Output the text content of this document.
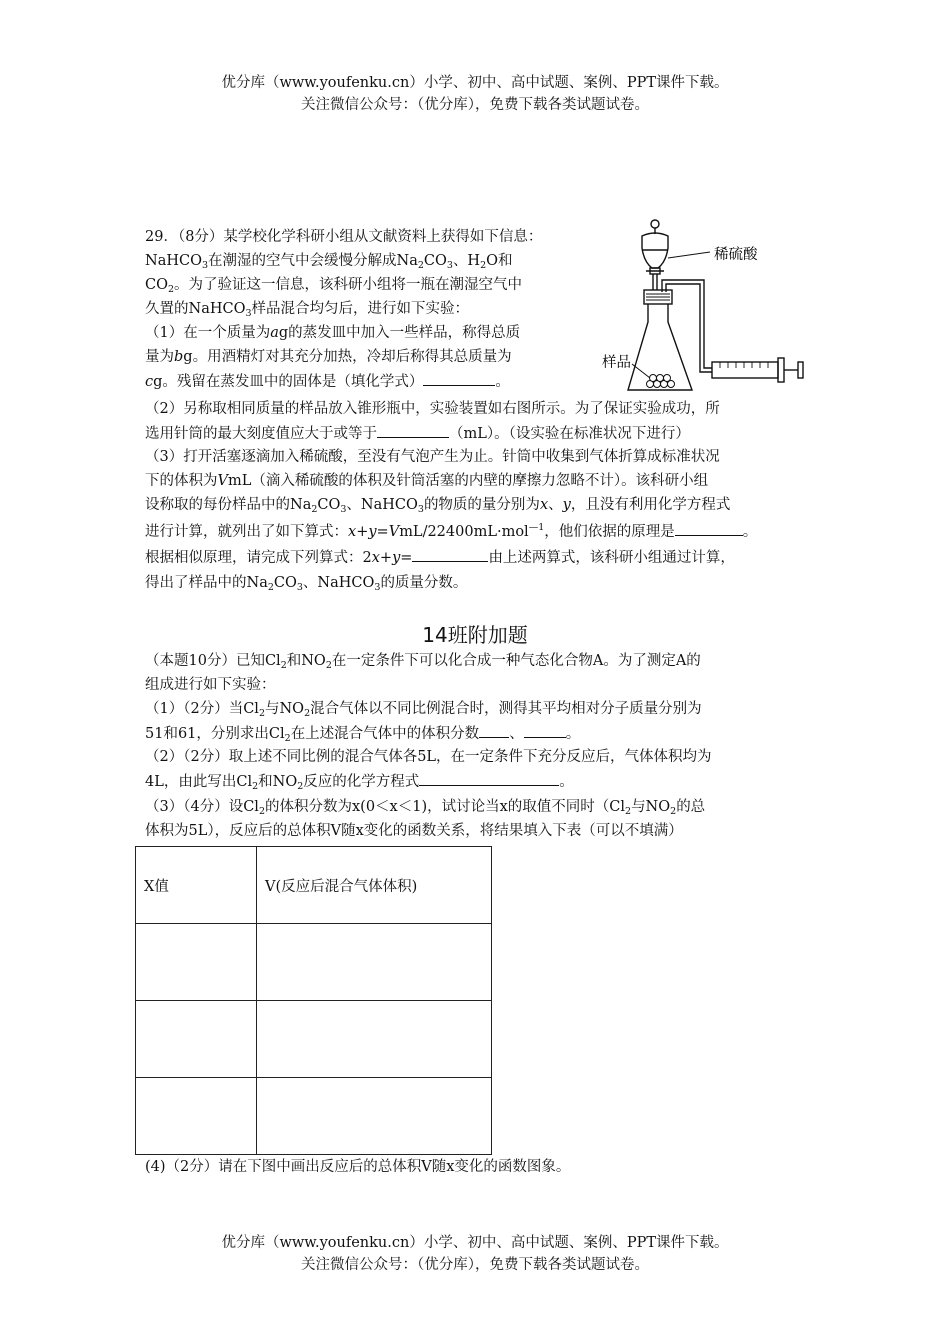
优分库（www.youfenku.cn）小学、初中、高中试题、案例、PPT课件下载。
关注微信公众号：（优分库），免费下载各类试题试卷。
29．（8分）某学校化学科研小组从文献资料上获得如下信息：
NaHCO$_3$在潮湿的空气中会缓慢分解成$Na_2CO_3$、$H_2O$和
$CO_2$。为了验证这一信息，该科研小组将一瓶在潮湿空气中
久置的NaHCO$_3$样品混合均匀后，进行如下实验：
（1）在一个质量为ag的蒸发皿中加入一些样品，称得总质
量为bg。用酒精灯对其充分加热，冷却后称得其总质量为
cg。残留在蒸发皿中的固体是（填化学式）	。
（2）另称取相同质量的样品放入锥形瓶中，实验装置如右图所示。为了保证实验成功，所
选用针筒的最大刻度值应大于或等于	（mL）。（设实验在标准状况下进行）
（3）打开活塞逐滴加入稀硫酸，至没有气泡产生为止。针筒中收集到气体折算成标准状况
下的体积为VmL（滴入稀硫酸的体积及针筒活塞的内壁的摩擦力忽略不计）。该科研小组
设称取的每份样品中的$Na_2CO_3$、NaHCO$_3$的物质的量分别为x、y，且没有利用化学方程式
进行计算，就列出了如下算式：x+y=VmL/22400mL·mol$^{—1}$，他们依据的原理是	。
根据相似原理，请完成下列算式：2x+y=	由上述两算式，该科研小组通过计算，
得出了样品中的$Na_2CO_3$、NaHCO$_3$的质量分数。
稀硫酸
样品
14班附加题
（本题10分）已知$Cl_2$和$NO_2$在一定条件下可以化合成一种气态化合物A。为了测定A的
组成进行如下实验：
（1）（2分）当$Cl_2$与$NO_2$混合气体以不同比例混合时，测得其平均相对分子质量分别为
51和61，分别求出$Cl_2$在上述混合气体中的体积分数 、	。
（2）（2分）取上述不同比例的混合气体各5L，在一定条件下充分反应后，气体体积均为
4L，由此写出$Cl_2$和$NO_2$反应的化学方程式	。
（3）（4分）设$Cl_2$的体积分数为x(0＜x＜1)，试讨论当x的取值不同时（$Cl_2$与$NO_2$的总
体积为5L），反应后的总体积V随x变化的函数关系，将结果填入下表（可以不填满）
X值	V(反应后混合气体体积)

(4)（2分）请在下图中画出反应后的总体积V随x变化的函数图象。
优分库（www.youfenku.cn）小学、初中、高中试题、案例、PPT课件下载。
关注微信公众号：（优分库），免费下载各类试题试卷。
